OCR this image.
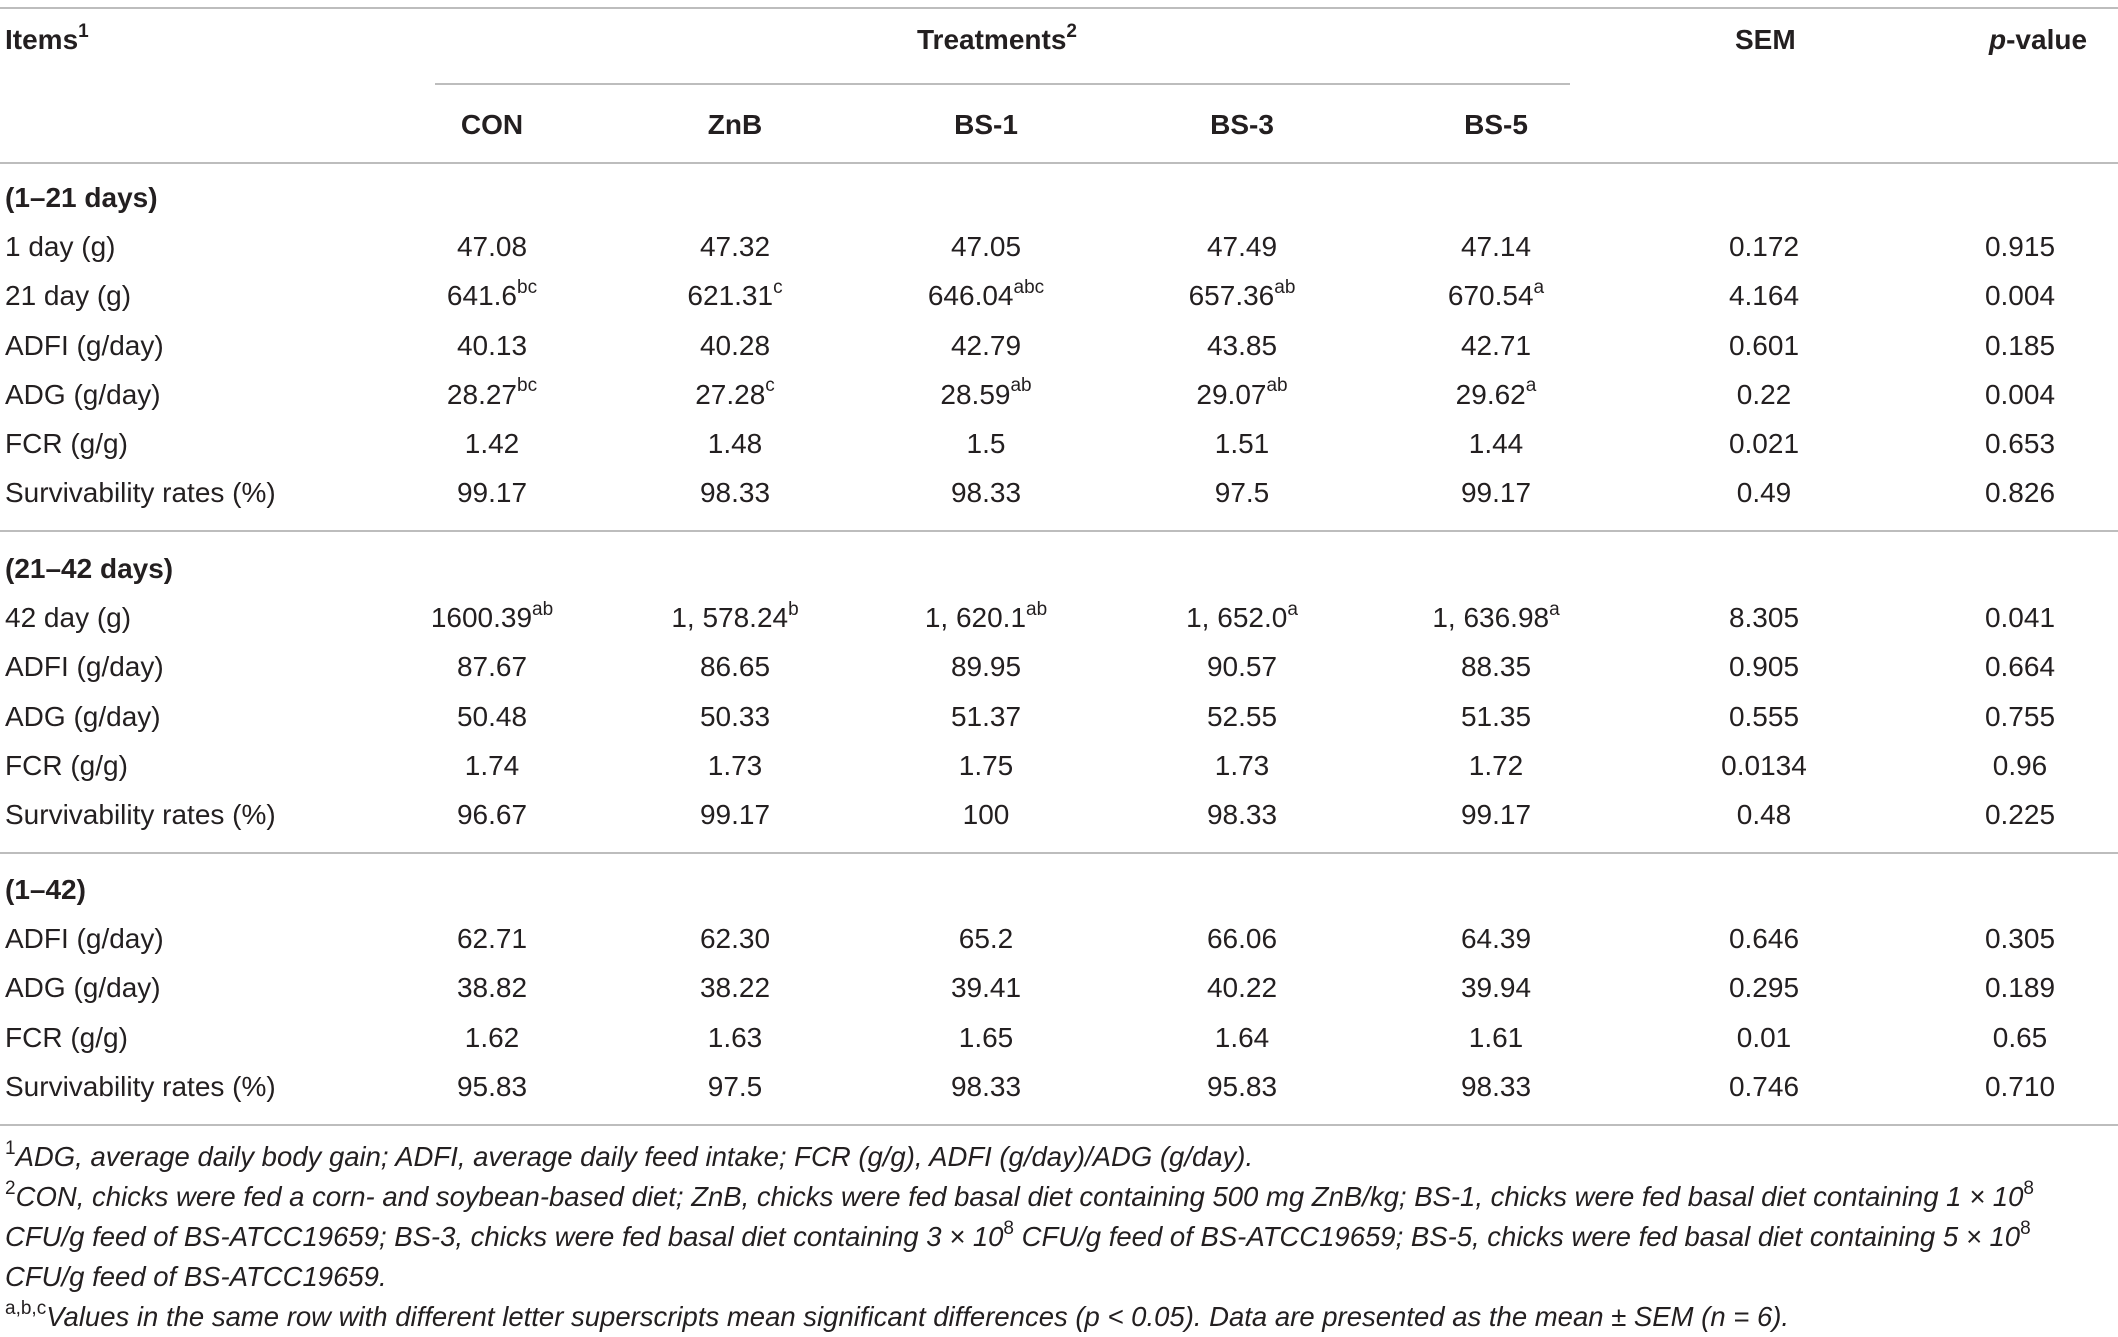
Items$^1$	Treatments$^2$	SEM	p-value
CON	ZnB	BS-1	BS-3	BS-5
(1–21 days)
1 day (g)	47.08	47.32	47.05	47.49	47.14	0.172	0.915
21 day (g)	641.6$^{bc}$	621.31$^c$	646.04$^{abc}$	657.36$^{ab}$	670.54$^a$	4.164	0.004
ADFI (g/day)	40.13	40.28	42.79	43.85	42.71	0.601	0.185
ADG (g/day)	28.27$^{bc}$	27.28$^c$	28.59$^{ab}$	29.07$^{ab}$	29.62$^a$	0.22	0.004
FCR (g/g)	1.42	1.48	1.5	1.51	1.44	0.021	0.653
Survivability rates (%)	99.17	98.33	98.33	97.5	99.17	0.49	0.826
(21–42 days)
42 day (g)	1600.39$^{ab}$	1, 578.24$^b$	1, 620.1$^{ab}$	1, 652.0$^a$	1, 636.98$^a$	8.305	0.041
ADFI (g/day)	87.67	86.65	89.95	90.57	88.35	0.905	0.664
ADG (g/day)	50.48	50.33	51.37	52.55	51.35	0.555	0.755
FCR (g/g)	1.74	1.73	1.75	1.73	1.72	0.0134	0.96
Survivability rates (%)	96.67	99.17	100	98.33	99.17	0.48	0.225
(1–42)
ADFI (g/day)	62.71	62.30	65.2	66.06	64.39	0.646	0.305
ADG (g/day)	38.82	38.22	39.41	40.22	39.94	0.295	0.189
FCR (g/g)	1.62	1.63	1.65	1.64	1.61	0.01	0.65
Survivability rates (%)	95.83	97.5	98.33	95.83	98.33	0.746	0.710
$^1$ADG, average daily body gain; ADFI, average daily feed intake; FCR (g/g), ADFI (g/day)/ADG (g/day).
$^2$CON, chicks were fed a corn- and soybean-based diet; ZnB, chicks were fed basal diet containing 500 mg ZnB/kg; BS-1, chicks were fed basal diet containing $1 \times 10^8$
CFU/g feed of BS-ATCC19659; BS-3, chicks were fed basal diet containing $3 \times 10^8$ CFU/g feed of BS-ATCC19659; BS-5, chicks were fed basal diet containing $5 \times 10^8$
CFU/g feed of BS-ATCC19659.
$^{a,b,c}$Values in the same row with different letter superscripts mean significant differences (p < 0.05). Data are presented as the mean ± SEM (n = 6).
